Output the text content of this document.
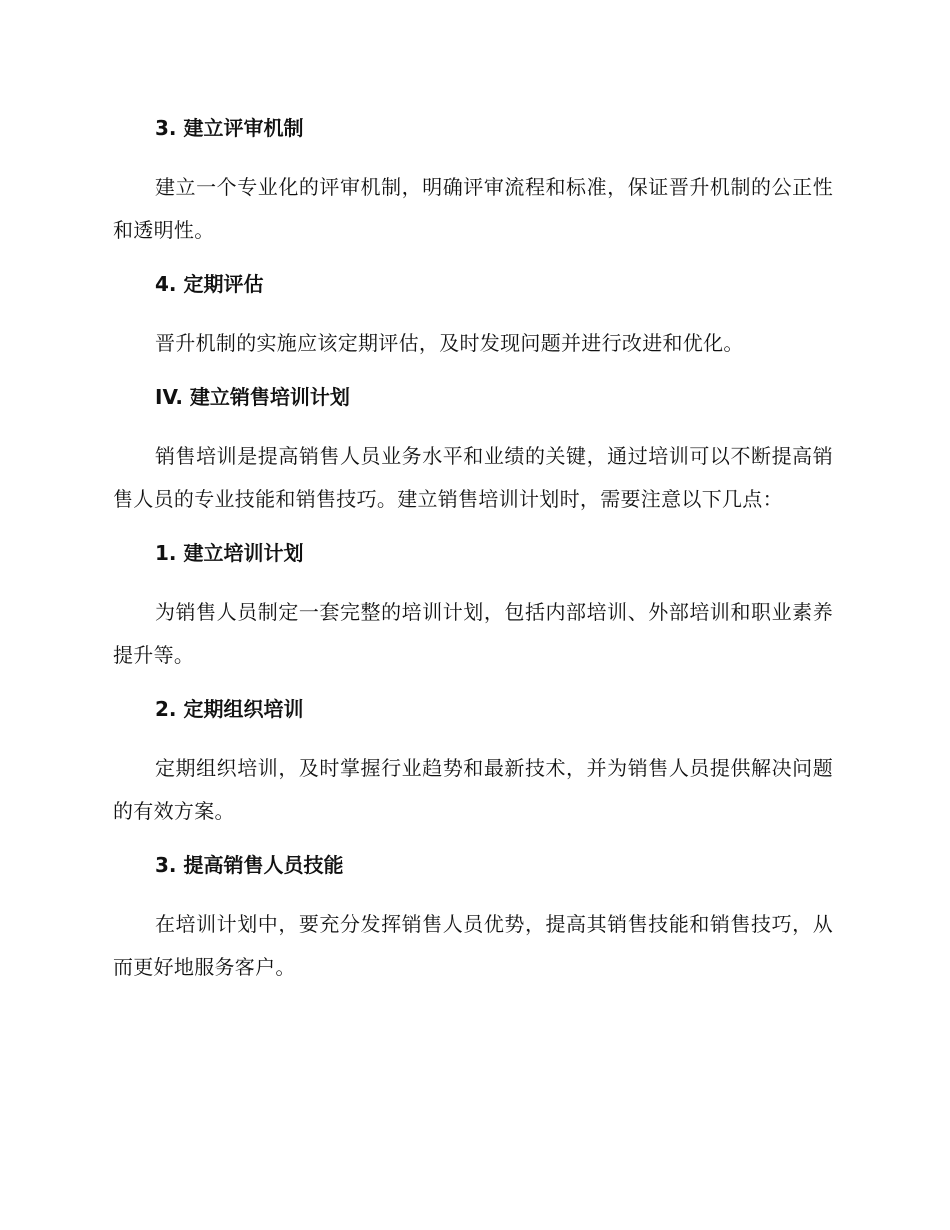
3. 建立评审机制

建立一个专业化的评审机制，明确评审流程和标准，保证晋升机制的公正性和透明性。

4. 定期评估

晋升机制的实施应该定期评估，及时发现问题并进行改进和优化。

IV. 建立销售培训计划

销售培训是提高销售人员业务水平和业绩的关键，通过培训可以不断提高销售人员的专业技能和销售技巧。建立销售培训计划时，需要注意以下几点：

1. 建立培训计划

为销售人员制定一套完整的培训计划，包括内部培训、外部培训和职业素养提升等。

2. 定期组织培训

定期组织培训，及时掌握行业趋势和最新技术，并为销售人员提供解决问题的有效方案。

3. 提高销售人员技能

在培训计划中，要充分发挥销售人员优势，提高其销售技能和销售技巧，从而更好地服务客户。
